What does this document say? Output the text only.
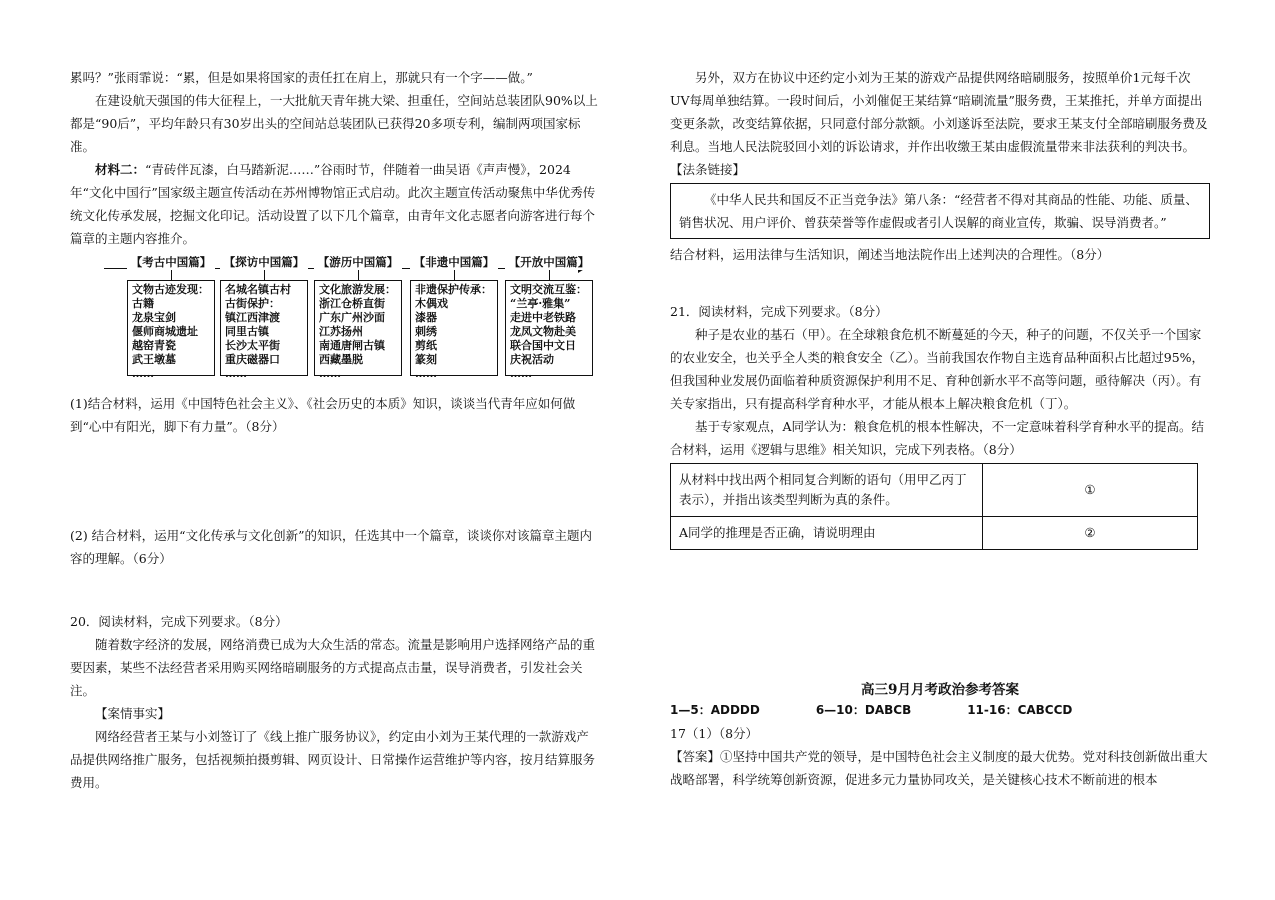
累吗？”张雨霏说：“累，但是如果将国家的责任扛在肩上，那就只有一个字——做。”

在建设航天强国的伟大征程上，一大批航天青年挑大梁、担重任，空间站总装团队90%以上都是“90后”，平均年龄只有30岁出头的空间站总装团队已获得20多项专利，编制两项国家标准。

材料二：“青砖伴瓦漆，白马踏新泥……”谷雨时节，伴随着一曲吴语《声声慢》，2024年“文化中国行”国家级主题宣传活动在苏州博物馆正式启动。此次主题宣传活动聚焦中华优秀传统文化传承发展，挖掘文化印记。活动设置了以下几个篇章，由青年文化志愿者向游客进行每个篇章的主题内容推介。

【考古中国篇】
文物古迹发现：
古籍
龙泉宝剑
偃师商城遗址
越窑青瓷
武王墩墓
……
【探访中国篇】
名城名镇古村
古街保护：
镇江西津渡
同里古镇
长沙太平街
重庆磁器口
……
【游历中国篇】
文化旅游发展：
浙江仓桥直街
广东广州沙面
江苏扬州
南通唐闸古镇
西藏墨脱
……
【非遗中国篇】
非遗保护传承：
木偶戏
漆器
刺绣
剪纸
篆刻
……
【开放中国篇】
文明交流互鉴：
“兰亭·雅集”
走进中老铁路
龙凤文物赴美
联合国中文日
庆祝活动
……

(1)结合材料，运用《中国特色社会主义》、《社会历史的本质》知识，谈谈当代青年应如何做到“心中有阳光，脚下有力量”。（8分）

(2) 结合材料，运用“文化传承与文化创新”的知识，任选其中一个篇章，谈谈你对该篇章主题内容的理解。（6分）

20．阅读材料，完成下列要求。（8分）

随着数字经济的发展，网络消费已成为大众生活的常态。流量是影响用户选择网络产品的重要因素，某些不法经营者采用购买网络暗刷服务的方式提高点击量，误导消费者，引发社会关注。

【案情事实】

网络经营者王某与小刘签订了《线上推广服务协议》，约定由小刘为王某代理的一款游戏产品提供网络推广服务，包括视频拍摄剪辑、网页设计、日常操作运营维护等内容，按月结算服务费用。

另外，双方在协议中还约定小刘为王某的游戏产品提供网络暗刷服务，按照单价1元每千次UV每周单独结算。一段时间后，小刘催促王某结算“暗刷流量”服务费，王某推托，并单方面提出变更条款，改变结算依据，只同意付部分款额。小刘遂诉至法院，要求王某支付全部暗刷服务费及利息。当地人民法院驳回小刘的诉讼请求，并作出收缴王某由虚假流量带来非法获利的判决书。

【法条链接】

《中华人民共和国反不正当竞争法》第八条：“经营者不得对其商品的性能、功能、质量、销售状况、用户评价、曾获荣誉等作虚假或者引人误解的商业宣传，欺骗、误导消费者。”

结合材料，运用法律与生活知识，阐述当地法院作出上述判决的合理性。（8分）

21．阅读材料，完成下列要求。（8分）

种子是农业的基石（甲）。在全球粮食危机不断蔓延的今天，种子的问题，不仅关乎一个国家的农业安全，也关乎全人类的粮食安全（乙）。当前我国农作物自主选育品种面积占比超过95%，但我国种业发展仍面临着种质资源保护利用不足、育种创新水平不高等问题，亟待解决（丙）。有关专家指出，只有提高科学育种水平，才能从根本上解决粮食危机（丁）。

基于专家观点，A同学认为：粮食危机的根本性解决，不一定意味着科学育种水平的提高。结合材料，运用《逻辑与思维》相关知识，完成下列表格。（8分）

从材料中找出两个相同复合判断的语句（用甲乙丙丁表示），并指出该类型判断为真的条件。	①
A同学的推理是否正确，请说明理由	②
高三9月月考政治参考答案

1—5：ADDDD	6—10：DABCB	11-16：CABCCD

17（1）（8分）

【答案】①坚持中国共产党的领导，是中国特色社会主义制度的最大优势。党对科技创新做出重大战略部署，科学统筹创新资源，促进多元力量协同攻关，是关键核心技术不断前进的根本
